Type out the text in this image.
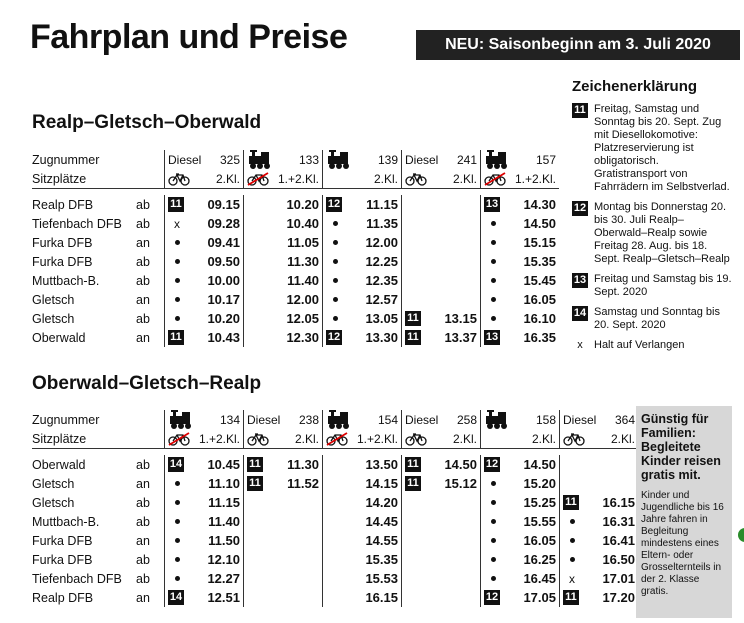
Fahrplan und Preise	NEU: Saisonbeginn am 3. Juli 2020
Realp–Gletsch–Oberwald
Oberwald–Gletsch–Realp
Zugnummer		Diesel 325	133	139	Diesel 241	157

Sitzplätze		2.Kl.	1.+2.Kl.	2.Kl.	2.Kl.	1.+2.Kl.

Realp DFB	ab	11 09.15	10.20	12 11.15		13 14.30

Tiefenbach DFB	ab	x 09.28	10.40	11.35		14.50

Furka DFB	an	09.41	11.05	12.00		15.15

Furka DFB	ab	09.50	11.30	12.25		15.35

Muttbach-B.	ab	10.00	11.40	12.35		15.45

Gletsch	an	10.17	12.00	12.57		16.05

Gletsch	ab	10.20	12.05	13.05	11 13.15	16.10

Oberwald	an	11 10.43	12.30	12 13.30	11 13.37	13 16.35
Zugnummer		134	Diesel 238	154	Diesel 258	158	Diesel 364

Sitzplätze		1.+2.Kl.	2.Kl.	1.+2.Kl.	2.Kl.	2.Kl.	2.Kl.

Oberwald	ab	14 10.45	11 11.30	13.50	11 14.50	12 14.50	

Gletsch	an	11.10	11 11.52	14.15	11 15.12	15.20	

Gletsch	ab	11.15		14.20		15.25	11 16.15

Muttbach-B.	ab	11.40		14.45		15.55	16.31

Furka DFB	an	11.50		14.55		16.05	16.41

Furka DFB	ab	12.10		15.35		16.25	16.50

Tiefenbach DFB	ab	12.27		15.53		16.45	x 17.01

Realp DFB	an	14 12.51		16.15		12 17.05	11 17.20
Zeichenerklärung
11 Freitag, Samstag und Sonntag bis 20. Sept. Zug mit Diesellokomotive: Platzreservierung ist obligatorisch. Gratistransport von Fahrrädern im Selbstverlad.
12 Montag bis Donnerstag 20. bis 30. Juli Realp–Oberwald–Realp sowie Freitag 28. Aug. bis 18. Sept. Realp–Gletsch–Realp
13 Freitag und Samstag bis 19. Sept. 2020
14 Samstag und Sonntag bis 20. Sept. 2020
x	Halt auf Verlangen
Günstig für Familien: Begleitete Kinder reisen gratis mit.
Kinder und Jugendliche bis 16 Jahre fahren in Begleitung mindestens eines Eltern- oder Grosselternteils in der 2. Klasse gratis.
